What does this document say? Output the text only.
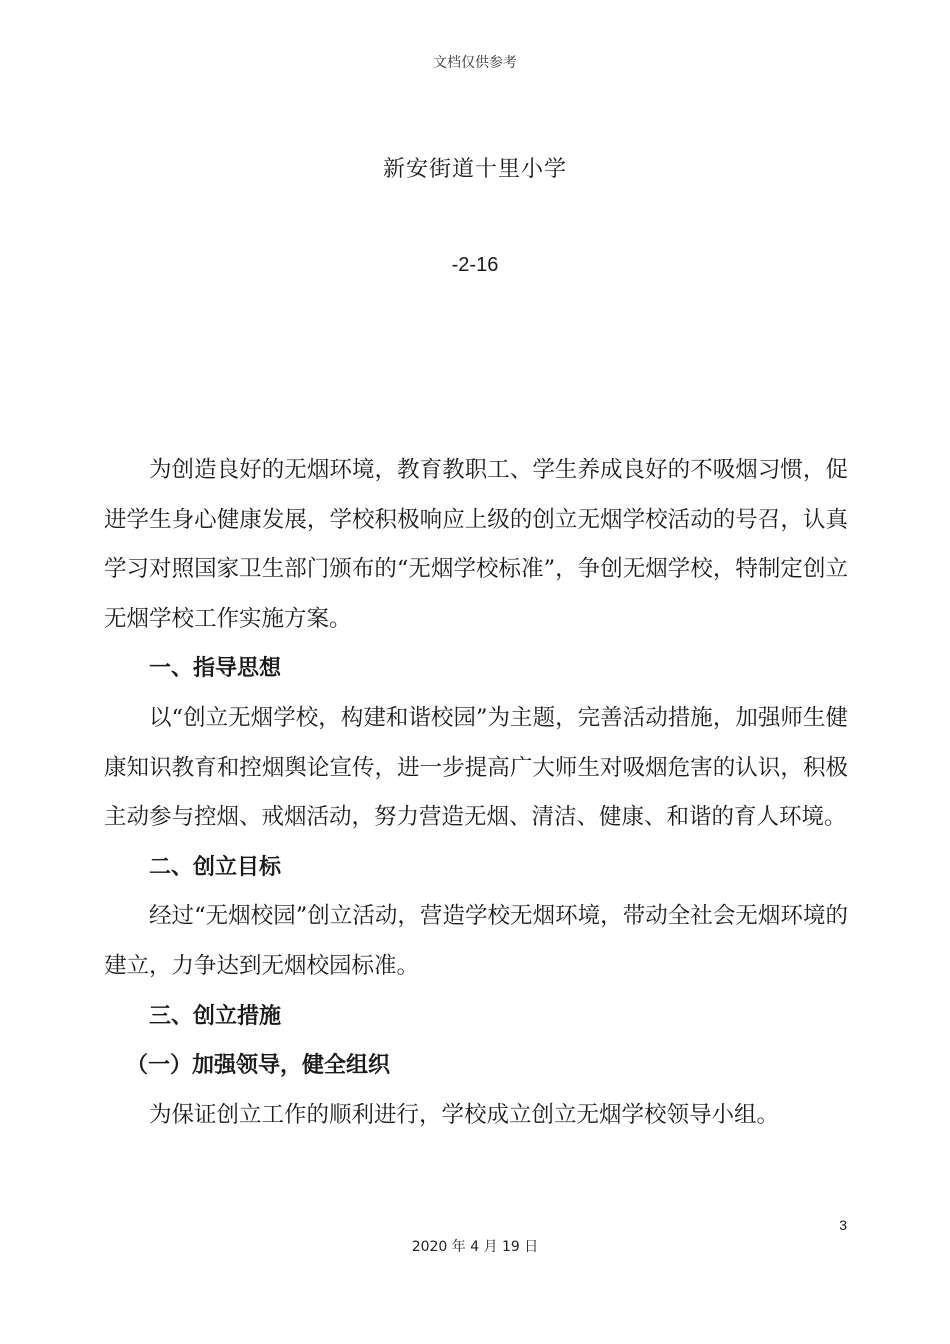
文档仅供参考
新安街道十里小学
-2-16

为创造良好的无烟环境，教育教职工、学生养成良好的不吸烟习惯，促进学生身心健康发展，学校积极响应上级的创立无烟学校活动的号召，认真学习对照国家卫生部门颁布的“无烟学校标准”，争创无烟学校，特制定创立无烟学校工作实施方案。

一、指导思想

以“创立无烟学校，构建和谐校园”为主题，完善活动措施，加强师生健康知识教育和控烟舆论宣传，进一步提高广大师生对吸烟危害的认识，积极主动参与控烟、戒烟活动，努力营造无烟、清洁、健康、和谐的育人环境。

二、创立目标

经过“无烟校园”创立活动，营造学校无烟环境，带动全社会无烟环境的建立，力争达到无烟校园标准。

三、创立措施

（一）加强领导，健全组织

为保证创立工作的顺利进行，学校成立创立无烟学校领导小组。

3
2020 年 4 月 19 日
